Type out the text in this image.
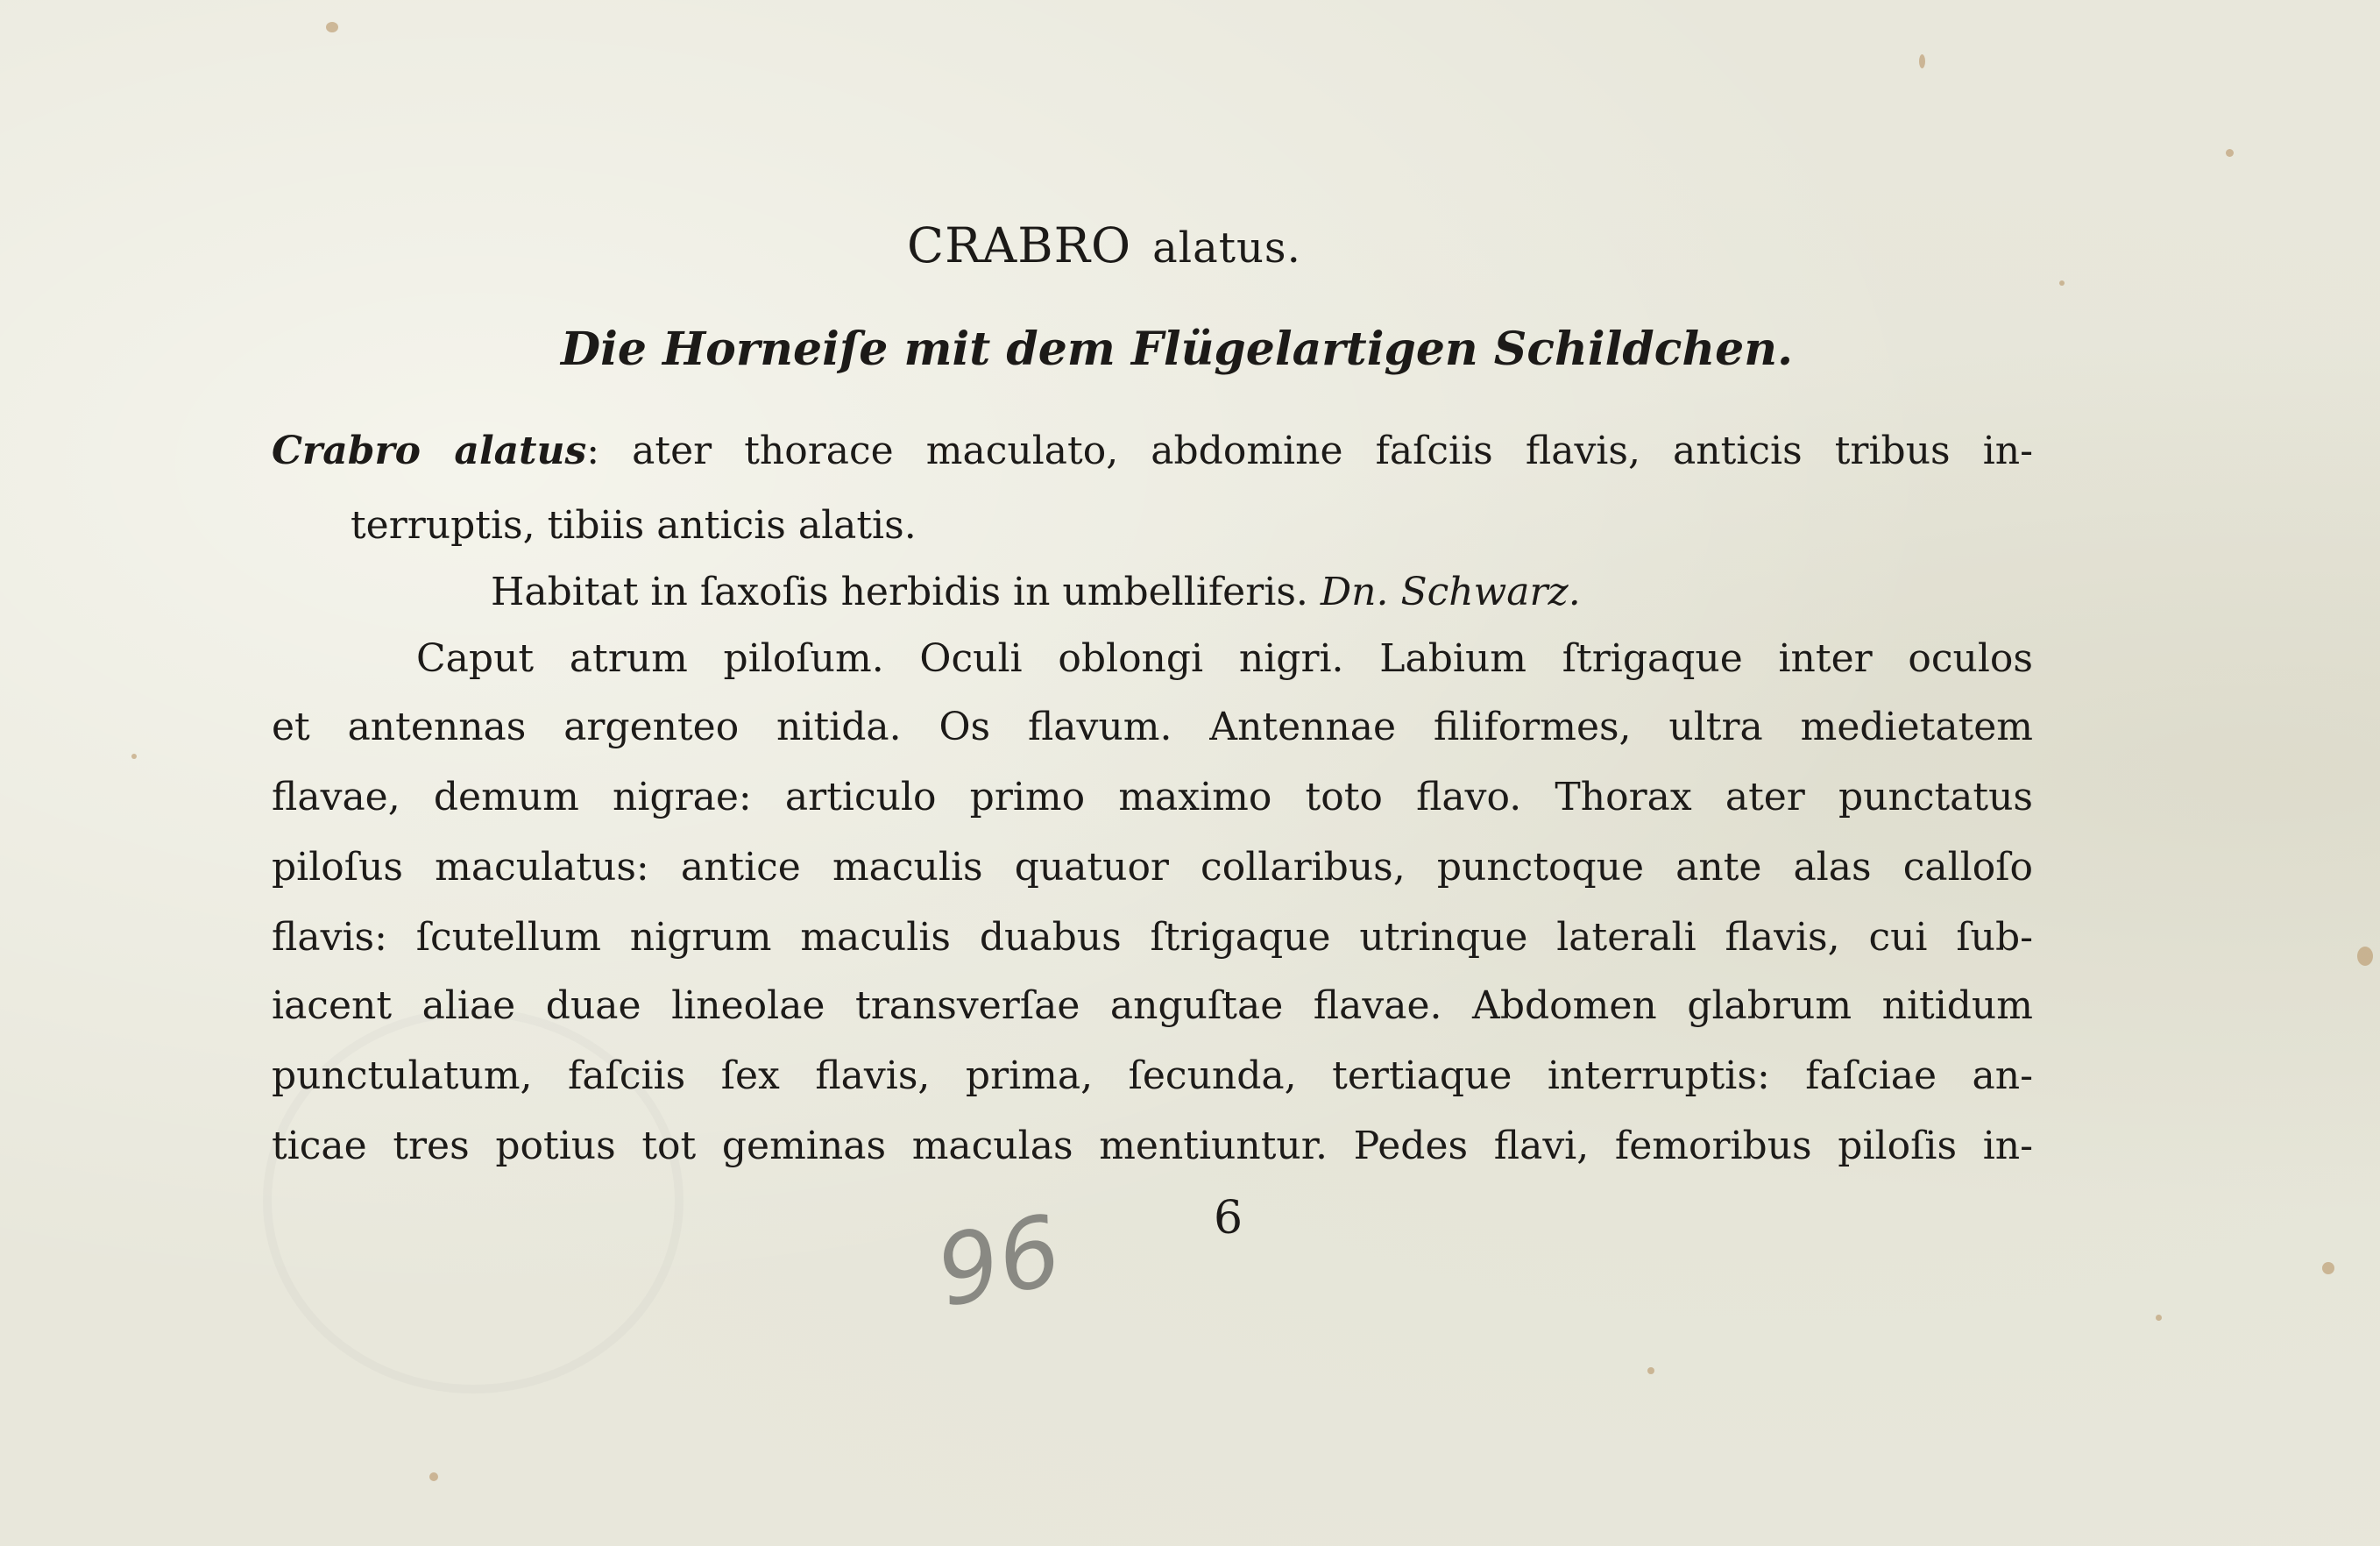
CRABRO alatus.
Die Horneiſe mit dem Flügelartigen Schildchen.
Crabro alatus: ater thorace maculato, abdomine faſciis flavis, anticis tribus in-
terruptis, tibiis anticis alatis.
Habitat in ſaxoſis herbidis in umbelliferis. Dn. Schwarz.
Caput atrum piloſum. Oculi oblongi nigri. Labium ſtrigaque inter oculos
et antennas argenteo nitida. Os flavum. Antennae filiformes, ultra medietatem
flavae, demum nigrae: articulo primo maximo toto flavo. Thorax ater punctatus
piloſus maculatus: antice maculis quatuor collaribus, punctoque ante alas calloſo
flavis: ſcutellum nigrum maculis duabus ſtrigaque utrinque laterali flavis, cui ſub-
iacent aliae duae lineolae transverſae anguſtae flavae. Abdomen glabrum nitidum
punctulatum, faſciis ſex flavis, prima, ſecunda, tertiaque interruptis: faſciae an-
ticae tres potius tot geminas maculas mentiuntur. Pedes flavi, femoribus piloſis in-
6
96
